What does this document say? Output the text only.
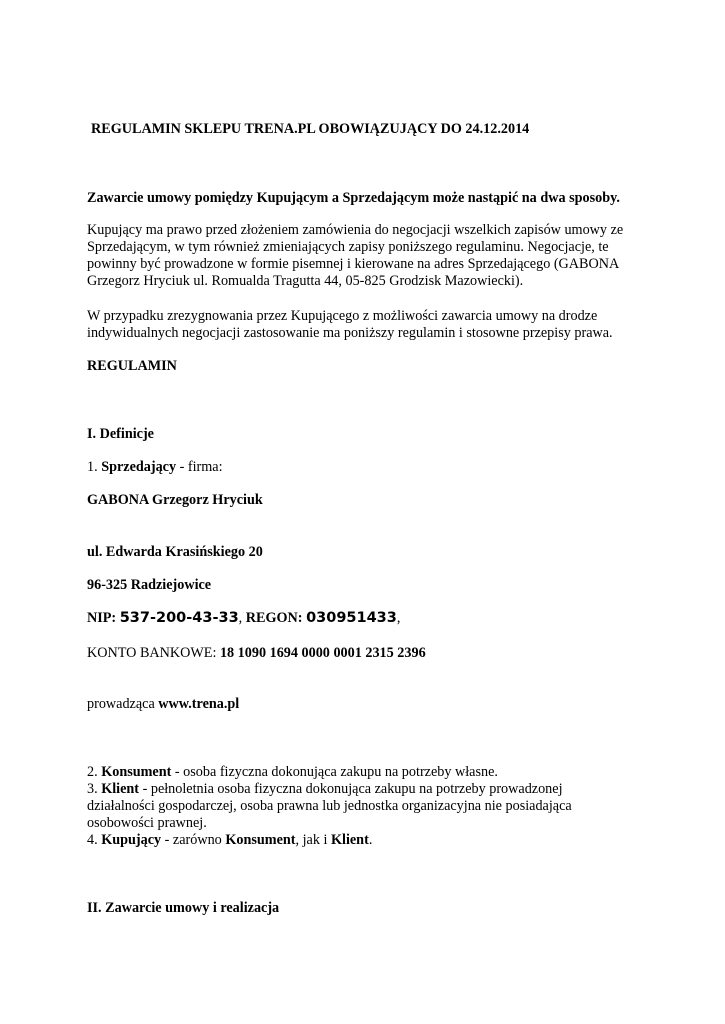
REGULAMIN SKLEPU TRENA.PL OBOWIĄZUJĄCY DO 24.12.2014

Zawarcie umowy pomiędzy Kupującym a Sprzedającym może nastąpić na dwa sposoby.

Kupujący ma prawo przed złożeniem zamówienia do negocjacji wszelkich zapisów umowy ze
Sprzedającym, w tym również zmieniających zapisy poniższego regulaminu. Negocjacje, te
powinny być prowadzone w formie pisemnej i kierowane na adres Sprzedającego (GABONA
Grzegorz Hryciuk ul. Romualda Tragutta 44, 05-825 Grodzisk Mazowiecki).
W przypadku zrezygnowania przez Kupującego z możliwości zawarcia umowy na drodze
indywidualnych negocjacji zastosowanie ma poniższy regulamin i stosowne przepisy prawa.

REGULAMIN

I. Definicje

1. Sprzedający - firma:

GABONA Grzegorz Hryciuk

ul. Edwarda Krasińskiego 20

96-325 Radziejowice

NIP: 537-200-43-33, REGON: 030951433,

KONTO BANKOWE: 18 1090 1694 0000 0001 2315 2396

prowadząca www.trena.pl

2. Konsument - osoba fizyczna dokonująca zakupu na potrzeby własne.
3. Klient - pełnoletnia osoba fizyczna dokonująca zakupu na potrzeby prowadzonej
działalności gospodarczej, osoba prawna lub jednostka organizacyjna nie posiadająca
osobowości prawnej.
4. Kupujący - zarówno Konsument, jak i Klient.

II. Zawarcie umowy i realizacja
